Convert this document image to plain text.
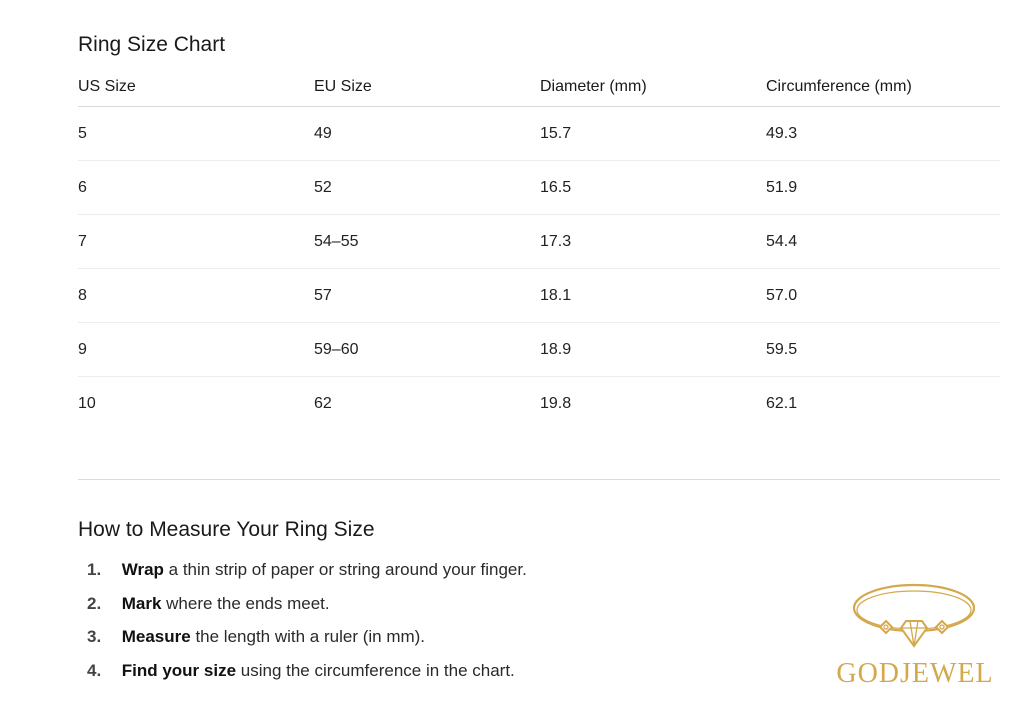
Ring Size Chart
US Size	EU Size	Diameter (mm)	Circumference (mm)
5	49	15.7	49.3
6	52	16.5	51.9
7	54–55	17.3	54.4
8	57	18.1	57.0
9	59–60	18.9	59.5
10	62	19.8	62.1
How to Measure Your Ring Size
1. Wrap a thin strip of paper or string around your finger.
2. Mark where the ends meet.
3. Measure the length with a ruler (in mm).
4. Find your size using the circumference in the chart.	GODJEWEL
